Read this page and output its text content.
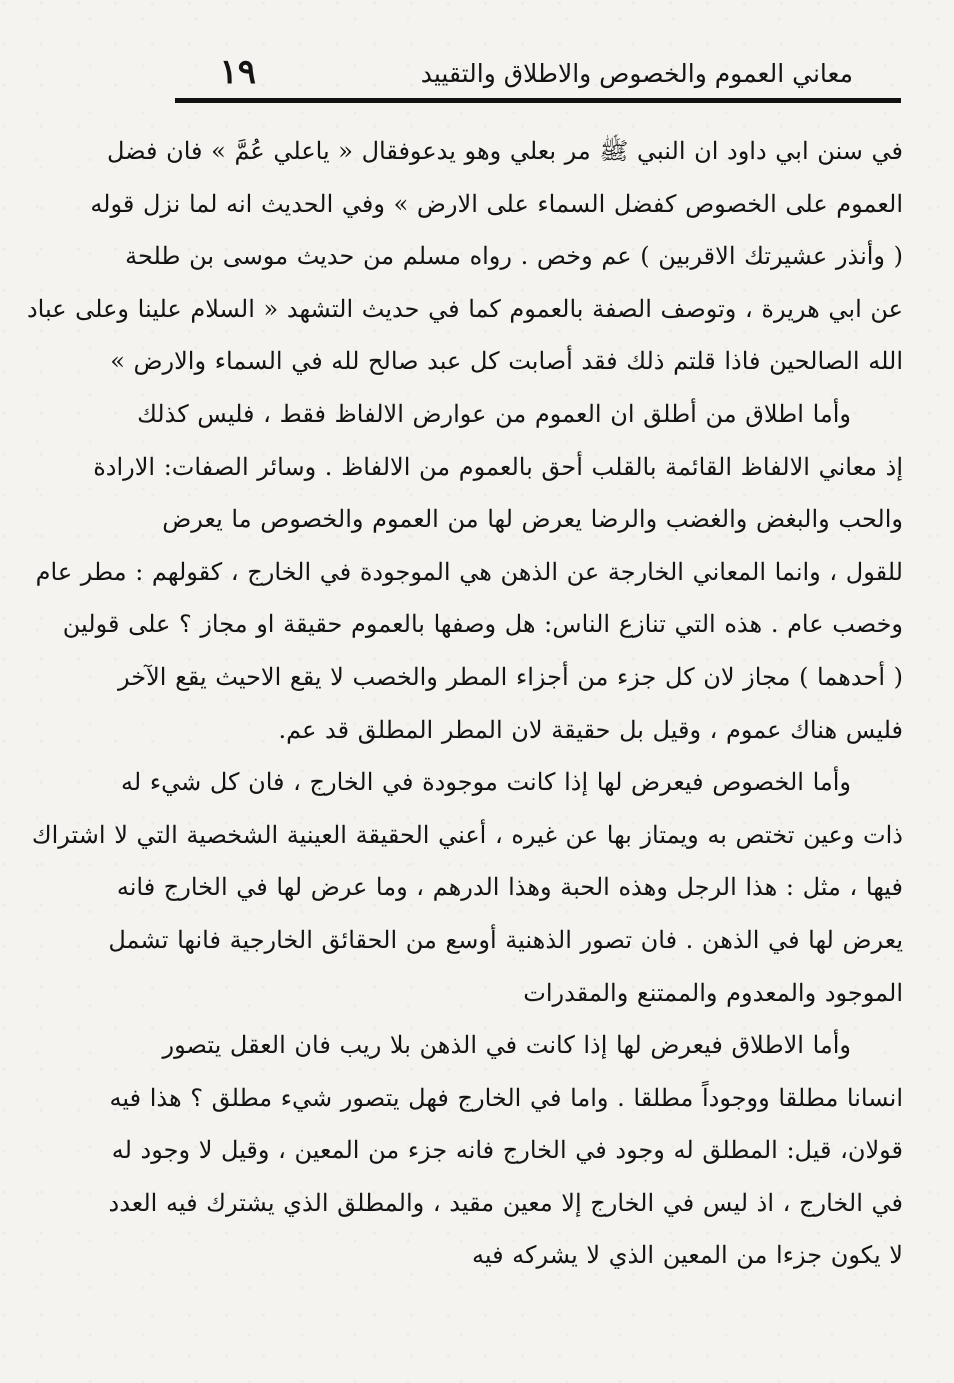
١٩	معاني العموم والخصوص والاطلاق والتقييد
في سنن ابي داود ان النبي ﷺ مر بعلي وهو يدعوفقال « ياعلي عُمَّ » فان فضل
العموم على الخصوص كفضل السماء على الارض » وفي الحديث انه لما نزل قوله
( وأنذر عشيرتك الاقربين ) عم وخص . رواه مسلم من حديث موسى بن طلحة
عن ابي هريرة ، وتوصف الصفة بالعموم كما في حديث التشهد « السلام علينا وعلى عباد
الله الصالحين فاذا قلتم ذلك فقد أصابت كل عبد صالح لله في السماء والارض »
وأما اطلاق من أطلق ان العموم من عوارض الالفاظ فقط ، فليس كذلك
إذ معاني الالفاظ القائمة بالقلب أحق بالعموم من الالفاظ . وسائر الصفات: الارادة
والحب والبغض والغضب والرضا يعرض لها من العموم والخصوص ما يعرض
للقول ، وانما المعاني الخارجة عن الذهن هي الموجودة في الخارج ، كقولهم : مطر عام
وخصب عام . هذه التي تنازع الناس: هل وصفها بالعموم حقيقة او مجاز ؟ على قولين
( أحدهما ) مجاز لان كل جزء من أجزاء المطر والخصب لا يقع الاحيث يقع الآخر
فليس هناك عموم ، وقيل بل حقيقة لان المطر المطلق قد عم.
وأما الخصوص فيعرض لها إذا كانت موجودة في الخارج ، فان كل شيء له
ذات وعين تختص به ويمتاز بها عن غيره ، أعني الحقيقة العينية الشخصية التي لا اشتراك
فيها ، مثل : هذا الرجل وهذه الحبة وهذا الدرهم ، وما عرض لها في الخارج فانه
يعرض لها في الذهن . فان تصور الذهنية أوسع من الحقائق الخارجية فانها تشمل
الموجود والمعدوم والممتنع والمقدرات
وأما الاطلاق فيعرض لها إذا كانت في الذهن بلا ريب فان العقل يتصور
انسانا مطلقا ووجوداً مطلقا . واما في الخارج فهل يتصور شيء مطلق ؟ هذا فيه
قولان، قيل: المطلق له وجود في الخارج فانه جزء من المعين ، وقيل لا وجود له
في الخارج ، اذ ليس في الخارج إلا معين مقيد ، والمطلق الذي يشترك فيه العدد
لا يكون جزءا من المعين الذي لا يشركه فيه
